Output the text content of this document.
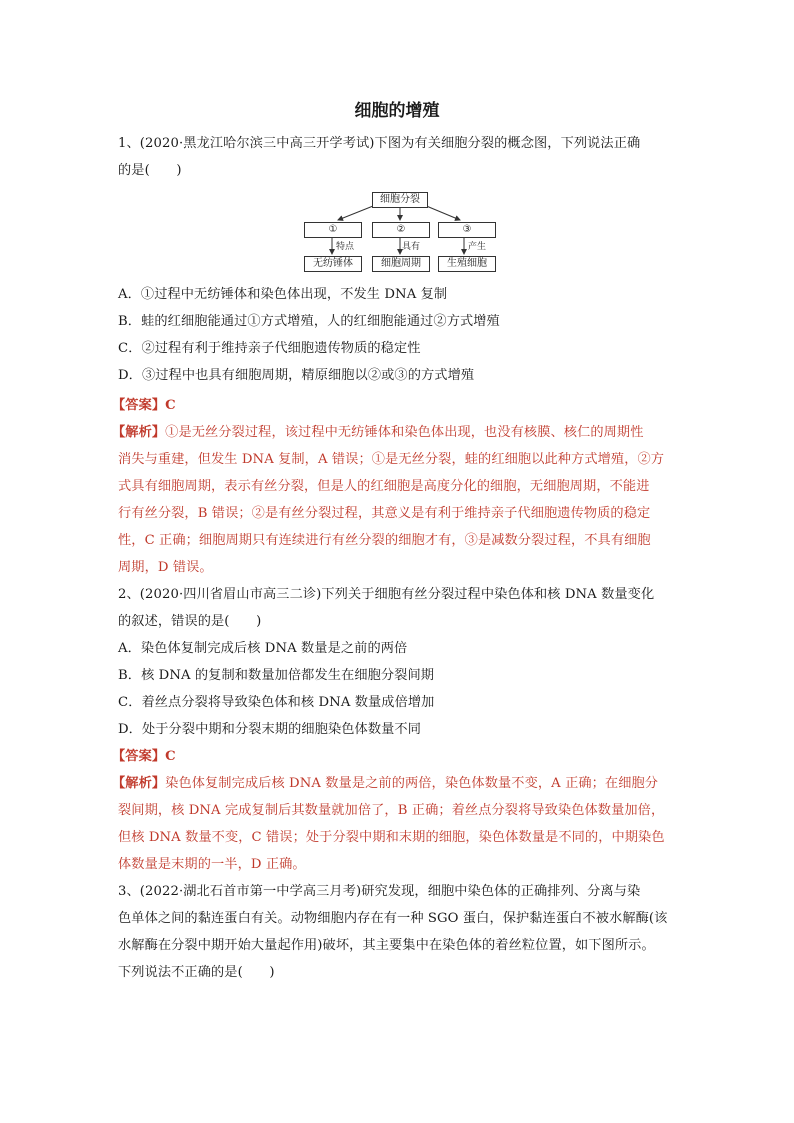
细胞的增殖
1、(2020·黑龙江哈尔滨三中高三开学考试)下图为有关细胞分裂的概念图，下列说法正确
的是(　　)
细胞分裂
①	②	③
特点	具有	产生
无纺锤体	细胞周期	生殖细胞
A．①过程中无纺锤体和染色体出现，不发生 DNA 复制
B．蛙的红细胞能通过①方式增殖，人的红细胞能通过②方式增殖
C．②过程有利于维持亲子代细胞遗传物质的稳定性
D．③过程中也具有细胞周期，精原细胞以②或③的方式增殖
【答案】C
【解析】①是无丝分裂过程，该过程中无纺锤体和染色体出现，也没有核膜、核仁的周期性
消失与重建，但发生 DNA 复制，A 错误；①是无丝分裂，蛙的红细胞以此种方式增殖，②方
式具有细胞周期，表示有丝分裂，但是人的红细胞是高度分化的细胞，无细胞周期，不能进
行有丝分裂，B 错误；②是有丝分裂过程，其意义是有利于维持亲子代细胞遗传物质的稳定
性，C 正确；细胞周期只有连续进行有丝分裂的细胞才有，③是减数分裂过程，不具有细胞
周期，D 错误。
2、(2020·四川省眉山市高三二诊)下列关于细胞有丝分裂过程中染色体和核 DNA 数量变化
的叙述，错误的是(　　)
A．染色体复制完成后核 DNA 数量是之前的两倍
B．核 DNA 的复制和数量加倍都发生在细胞分裂间期
C．着丝点分裂将导致染色体和核 DNA 数量成倍增加
D．处于分裂中期和分裂末期的细胞染色体数量不同
【答案】C
【解析】染色体复制完成后核 DNA 数量是之前的两倍，染色体数量不变，A 正确；在细胞分
裂间期，核 DNA 完成复制后其数量就加倍了，B 正确；着丝点分裂将导致染色体数量加倍，
但核 DNA 数量不变，C 错误；处于分裂中期和末期的细胞，染色体数量是不同的，中期染色
体数量是末期的一半，D 正确。
3、(2022·湖北石首市第一中学高三月考)研究发现，细胞中染色体的正确排列、分离与染
色单体之间的黏连蛋白有关。动物细胞内存在有一种 SGO 蛋白，保护黏连蛋白不被水解酶(该
水解酶在分裂中期开始大量起作用)破坏，其主要集中在染色体的着丝粒位置，如下图所示。
下列说法不正确的是(　　)
